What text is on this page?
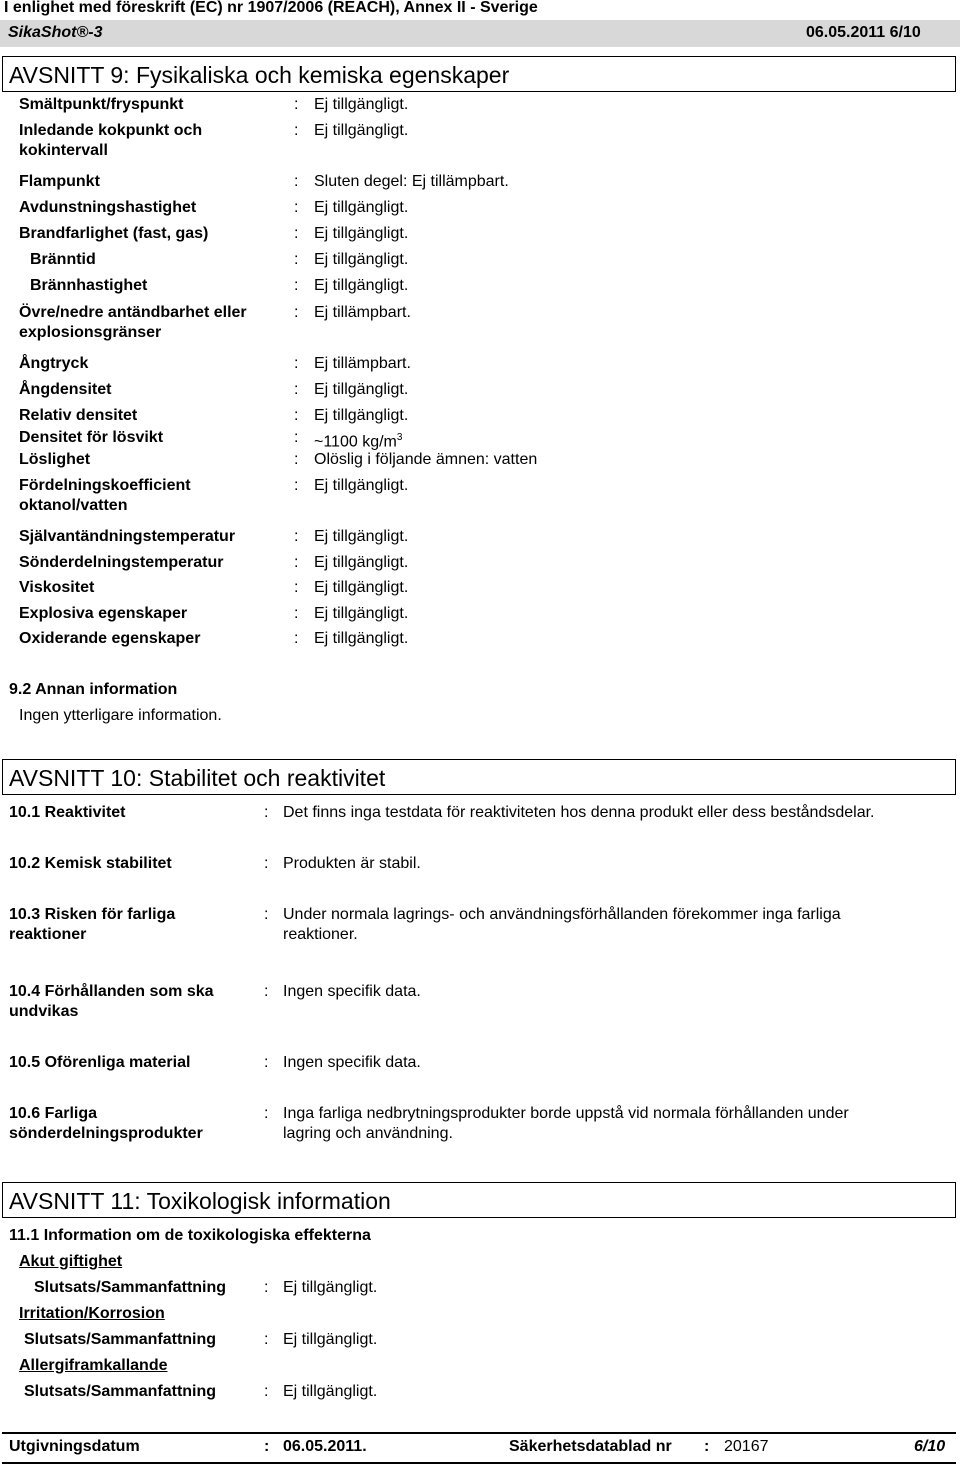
I enlighet med föreskrift (EC) nr 1907/2006 (REACH), Annex II - Sverige
SikaShot®-3	06.05.2011 6/10
AVSNITT 9: Fysikaliska och kemiska egenskaper
Smältpunkt/fryspunkt	: Ej tillgängligt.
Inledande kokpunkt och
kokintervall
: Ej tillgängligt.
Flampunkt	: Sluten degel: Ej tillämpbart.
Avdunstningshastighet	: Ej tillgängligt.
Brandfarlighet (fast, gas)	: Ej tillgängligt.
Bränntid	: Ej tillgängligt.
Brännhastighet	: Ej tillgängligt.
Övre/nedre antändbarhet eller
explosionsgränser
: Ej tillämpbart.
Ångtryck	: Ej tillämpbart.
Ångdensitet	: Ej tillgängligt.
Relativ densitet	: Ej tillgängligt.
Densitet för lösvikt	: ~1100 $kg/m^3$
Löslighet	: Olöslig i följande ämnen: vatten
Fördelningskoefficient
oktanol/vatten
: Ej tillgängligt.
Självantändningstemperatur	: Ej tillgängligt.
Sönderdelningstemperatur	: Ej tillgängligt.
Viskositet	: Ej tillgängligt.
Explosiva egenskaper	: Ej tillgängligt.
Oxiderande egenskaper	: Ej tillgängligt.
9.2 Annan information
Ingen ytterligare information.
AVSNITT 10: Stabilitet och reaktivitet
10.1 Reaktivitet	: Det finns inga testdata för reaktiviteten hos denna produkt eller dess beståndsdelar.
10.2 Kemisk stabilitet	: Produkten är stabil.
10.3 Risken för farliga
reaktioner
: Under normala lagrings- och användningsförhållanden förekommer inga farliga
reaktioner.
10.4 Förhållanden som ska
undvikas
: Ingen specifik data.
10.5 Oförenliga material	: Ingen specifik data.
10.6 Farliga
sönderdelningsprodukter
: Inga farliga nedbrytningsprodukter borde uppstå vid normala förhållanden under
lagring och användning.
AVSNITT 11: Toxikologisk information
11.1 Information om de toxikologiska effekterna
Akut giftighet
Slutsats/Sammanfattning : Ej tillgängligt.
Irritation/Korrosion
Slutsats/Sammanfattning	: Ej tillgängligt.
Allergiframkallande
Slutsats/Sammanfattning	: Ej tillgängligt.
Utgivningsdatum	: 06.05.2011.	Säkerhetsdatablad nr : 20167	6/10
